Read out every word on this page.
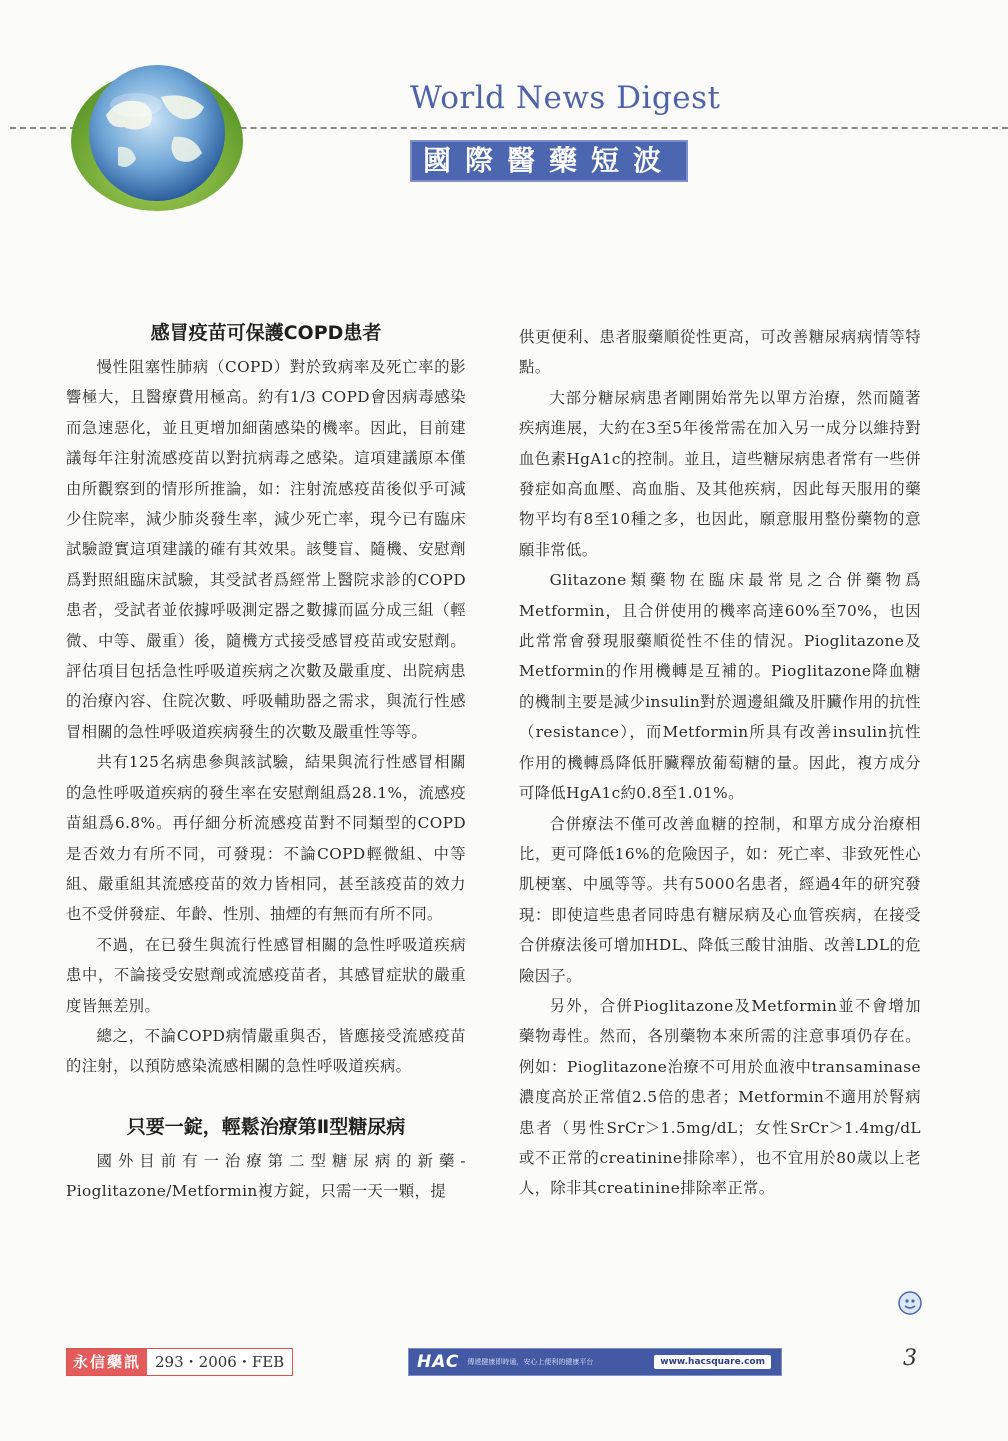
World News Digest
國際醫藥短波
感冒疫苗可保護COPD患者

慢性阻塞性肺病（COPD）對於致病率及死亡率的影響極大，且醫療費用極高。約有1/3 COPD會因病毒感染而急速惡化，並且更增加細菌感染的機率。因此，目前建議每年注射流感疫苗以對抗病毒之感染。這項建議原本僅由所觀察到的情形所推論，如：注射流感疫苗後似乎可減少住院率，減少肺炎發生率，減少死亡率，現今已有臨床試驗證實這項建議的確有其效果。該雙盲、隨機、安慰劑爲對照組臨床試驗，其受試者爲經常上醫院求診的COPD患者，受試者並依據呼吸測定器之數據而區分成三組（輕微、中等、嚴重）後，隨機方式接受感冒疫苗或安慰劑。評估項目包括急性呼吸道疾病之次數及嚴重度、出院病患的治療內容、住院次數、呼吸輔助器之需求，與流行性感冒相關的急性呼吸道疾病發生的次數及嚴重性等等。

共有125名病患參與該試驗，結果與流行性感冒相關的急性呼吸道疾病的發生率在安慰劑組爲28.1%，流感疫苗組爲6.8%。再仔細分析流感疫苗對不同類型的COPD是否效力有所不同，可發現：不論COPD輕微組、中等組、嚴重組其流感疫苗的效力皆相同，甚至該疫苗的效力也不受併發症、年齡、性別、抽煙的有無而有所不同。

不過，在已發生與流行性感冒相關的急性呼吸道疾病患中，不論接受安慰劑或流感疫苗者，其感冒症狀的嚴重度皆無差別。

總之，不論COPD病情嚴重與否，皆應接受流感疫苗的注射，以預防感染流感相關的急性呼吸道疾病。

只要一錠，輕鬆治療第Ⅱ型糖尿病

國外目前有一治療第二型糖尿病的新藥-Pioglitazone/Metformin複方錠，只需一天一顆，提

供更便利、患者服藥順從性更高，可改善糖尿病病情等特點。

大部分糖尿病患者剛開始常先以單方治療，然而隨著疾病進展，大約在3至5年後常需在加入另一成分以維持對血色素HgA1c的控制。並且，這些糖尿病患者常有一些併發症如高血壓、高血脂、及其他疾病，因此每天服用的藥物平均有8至10種之多，也因此，願意服用整份藥物的意願非常低。

Glitazone類藥物在臨床最常見之合併藥物爲Metformin，且合併使用的機率高達60%至70%，也因此常常會發現服藥順從性不佳的情況。Pioglitazone及Metformin的作用機轉是互補的。Pioglitazone降血糖的機制主要是減少insulin對於週邊組織及肝臟作用的抗性（resistance），而Metformin所具有改善insulin抗性作用的機轉爲降低肝臟釋放葡萄糖的量。因此，複方成分可降低HgA1c約0.8至1.01%。

合併療法不僅可改善血糖的控制，和單方成分治療相比，更可降低16%的危險因子，如：死亡率、非致死性心肌梗塞、中風等等。共有5000名患者，經過4年的研究發現：即使這些患者同時患有糖尿病及心血管疾病，在接受合併療法後可增加HDL、降低三酸甘油脂、改善LDL的危險因子。

另外，合併Pioglitazone及Metformin並不會增加藥物毒性。然而，各別藥物本來所需的注意事項仍存在。例如：Pioglitazone治療不可用於血液中transaminase濃度高於正常值2.5倍的患者；Metformin不適用於腎病患者（男性SrCr＞1.5mg/dL；女性SrCr＞1.4mg/dL或不正常的creatinine排除率），也不宜用於80歲以上老人，除非其creatinine排除率正常。

永信藥訊 293・2006・FEB	HAC	傳遞健康即時通，安心上便利的健康平台	www.hacsquare.com	3
